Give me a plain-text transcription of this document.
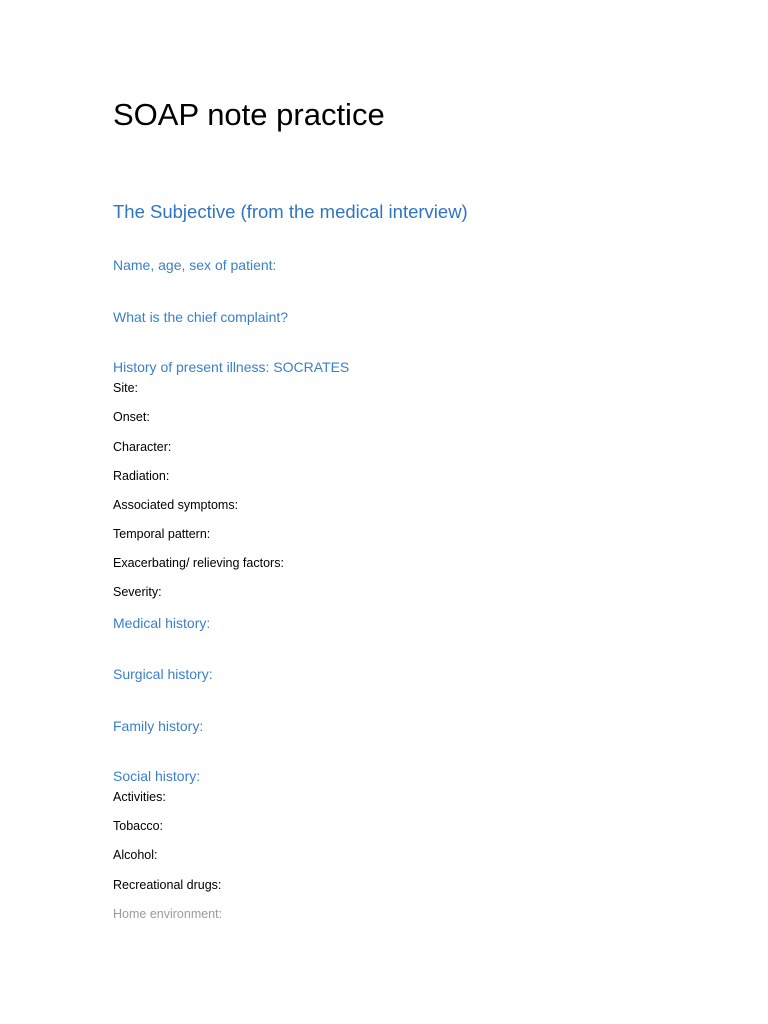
SOAP note practice
The Subjective (from the medical interview)
Name, age, sex of patient:
What is the chief complaint?
History of present illness: SOCRATES
Site:
Onset:
Character:
Radiation:
Associated symptoms:
Temporal pattern:
Exacerbating/ relieving factors:
Severity:
Medical history:
Surgical history:
Family history:
Social history:
Activities:
Tobacco:
Alcohol:
Recreational drugs:
Home environment:
